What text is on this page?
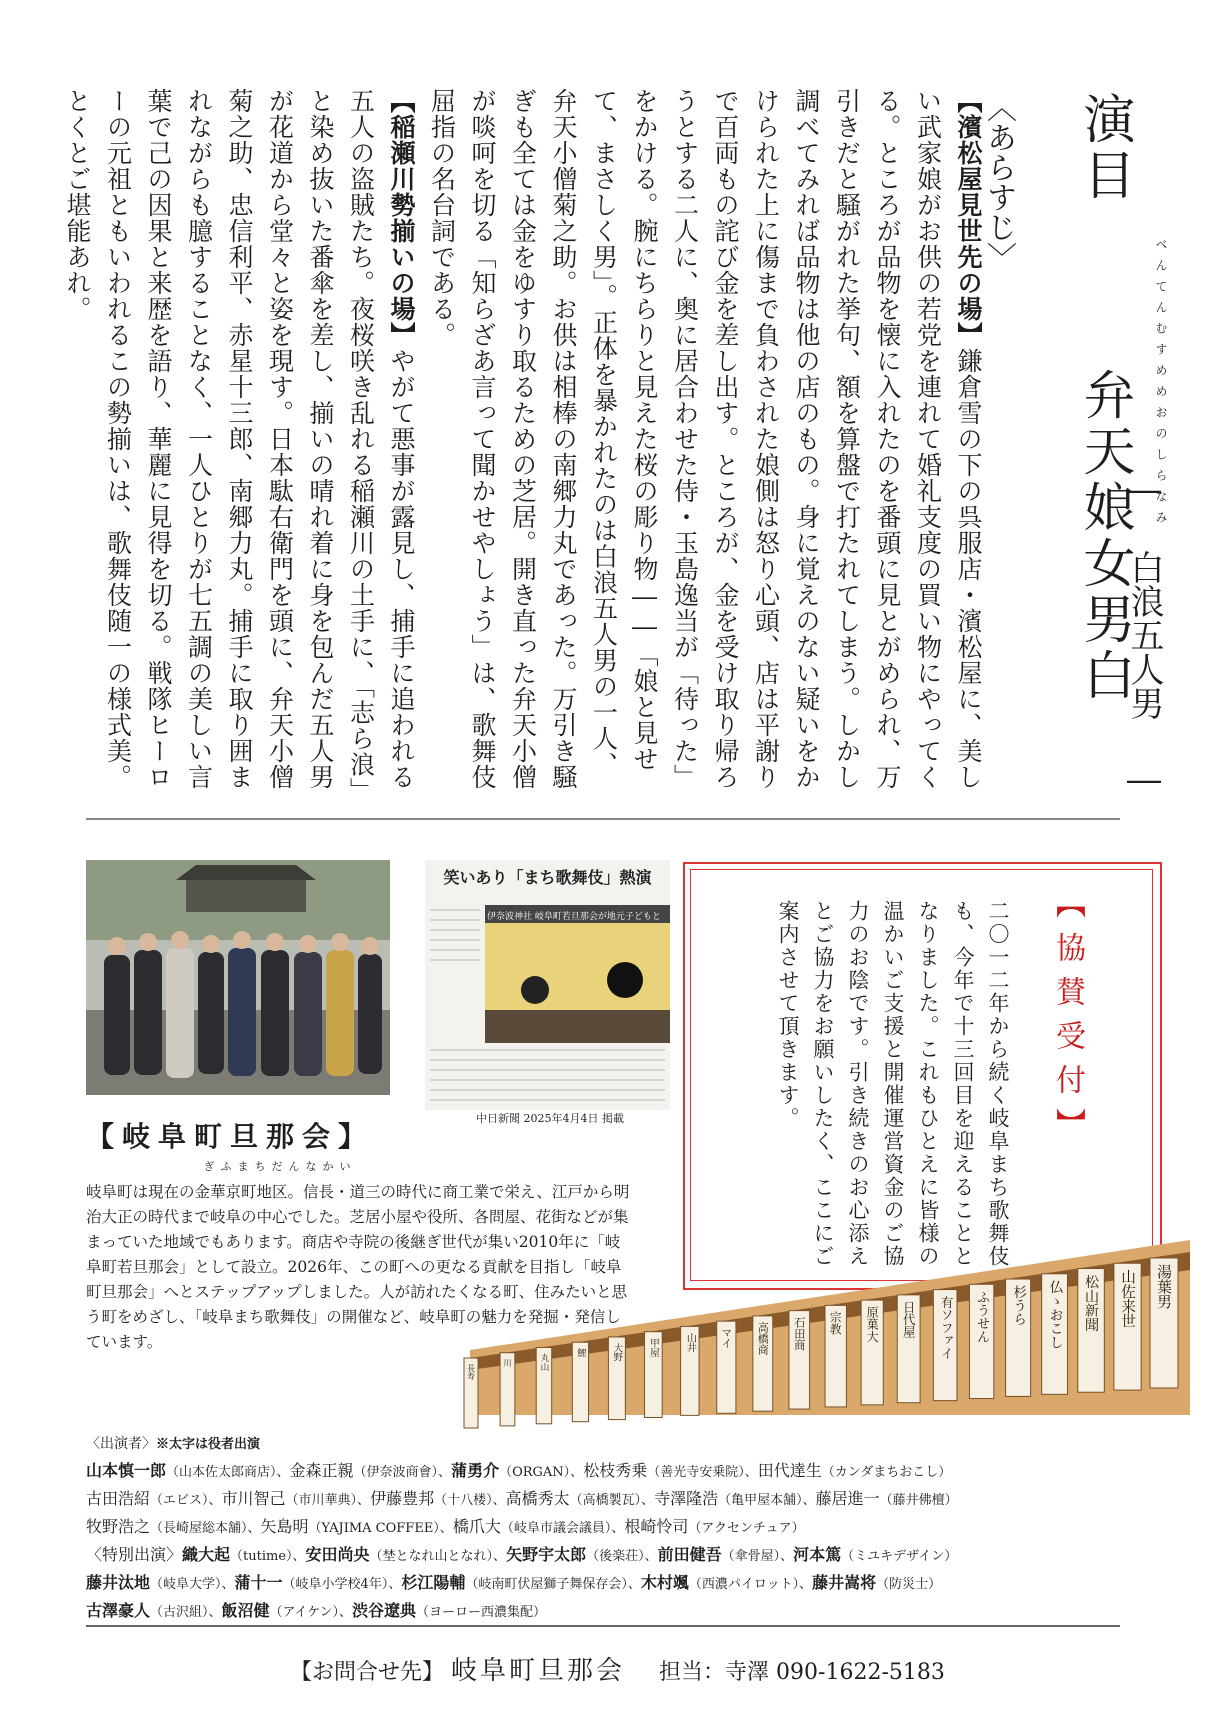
演目  弁天娘女男白
べんてんむすめめおのしらなみ
― 白浪五人男 ―
〈あらすじ〉

【濱松屋見世先の場】鎌倉雪の下の呉服店・濱松屋に、美しい武家娘がお供の若党を連れて婚礼支度の買い物にやってくる。ところが品物を懐に入れたのを番頭に見とがめられ、万引きだと騒がれた挙句、額を算盤で打たれてしまう。しかし調べてみれば品物は他の店のもの。身に覚えのない疑いをかけられた上に傷まで負わされた娘側は怒り心頭、店は平謝りで百両もの詫び金を差し出す。ところが、金を受け取り帰ろうとする二人に、奥に居合わせた侍・玉島逸当が「待った」をかける。腕にちらりと見えた桜の彫り物――「娘と見せて、まさしく男」。正体を暴かれたのは白浪五人男の一人、弁天小僧菊之助。お供は相棒の南郷力丸であった。万引き騒ぎも全ては金をゆすり取るための芝居。開き直った弁天小僧が啖呵を切る「知らざあ言って聞かせやしょう」は、歌舞伎屈指の名台詞である。

【稲瀬川勢揃いの場】やがて悪事が露見し、捕手に追われる五人の盗賊たち。夜桜咲き乱れる稲瀬川の土手に、「志ら浪」と染め抜いた番傘を差し、揃いの晴れ着に身を包んだ五人男が花道から堂々と姿を現す。日本駄右衛門を頭に、弁天小僧菊之助、忠信利平、赤星十三郎、南郷力丸。捕手に取り囲まれながらも臆することなく、一人ひとりが七五調の美しい言葉で己の因果と来歴を語り、華麗に見得を切る。戦隊ヒーローの元祖ともいわれるこの勢揃いは、歌舞伎随一の様式美。とくとご堪能あれ。

笑いあり「まち歌舞伎」熱演
伊奈波神社 岐阜町若旦那会が地元子どもと
中日新聞 2025年4月4日 掲載	【協賛受付】
二〇一二年から続く岐阜まち歌舞伎も、今年で十三回目を迎えることとなりました。これもひとえに皆様の温かいご支援と開催運営資金のご協力のお陰です。引き続きのお心添えとご協力をお願いしたく、ここにご案内させて頂きます。
【岐阜町旦那会】
ぎふまちだんなかい
岐阜町は現在の金華京町地区。信長・道三の時代に商工業で栄え、江戸から明治大正の時代まで岐阜の中心でした。芝居小屋や役所、各問屋、花街などが集まっていた地域でもあります。商店や寺院の後継ぎ世代が集い2010年に「岐阜町若旦那会」として設立。2026年、この町への更なる貢献を目指し「岐阜町旦那会」へとステップアップしました。人が訪れたくなる町、住みたいと思う町をめざし、「岐阜まち歌舞伎」の開催など、岐阜町の魅力を発掘・発信しています。
湯葉男
山佐来世
松山新聞
仏ゝおこし
杉うら
ふうせん
有ソファイ
日代屋
原菓大
宗教
石田商
高橋商
マイ
山井
甲屋
大野
鯉
丸山
川
長寿
〈出演者〉※太字は役者出演
山本慎一郎（山本佐太郎商店）、金森正親（伊奈波商會）、蒲勇介（ORGAN）、松枝秀乗（善光寺安乗院）、田代達生（カンダまちおこし）
古田浩紹（エビス）、市川智己（市川華典）、伊藤豊邦（十八楼）、高橋秀太（高橋製瓦）、寺澤隆浩（亀甲屋本舗）、藤居進一（藤井佛檀）
牧野浩之（長崎屋総本舗）、矢島明（YAJIMA COFFEE）、橋爪大（岐阜市議会議員）、根崎怜司（アクセンチュア）
〈特別出演〉織大起（tutime）、安田尚央（埜となれ山となれ）、矢野宇太郎（後楽荘）、前田健吾（傘骨屋）、河本篤（ミユキデザイン）
藤井汰地（岐阜大学）、蒲十一（岐阜小学校4年）、杉江陽輔（岐南町伏屋獅子舞保存会）、木村颯（西濃パイロット）、藤井嵩将（防災士）
古澤豪人（古沢組）、飯沼健（アイケン）、渋谷遼典（ヨーロー西濃集配）
【お問合せ先】 岐阜町旦那会 担当：寺澤 090-1622-5183
